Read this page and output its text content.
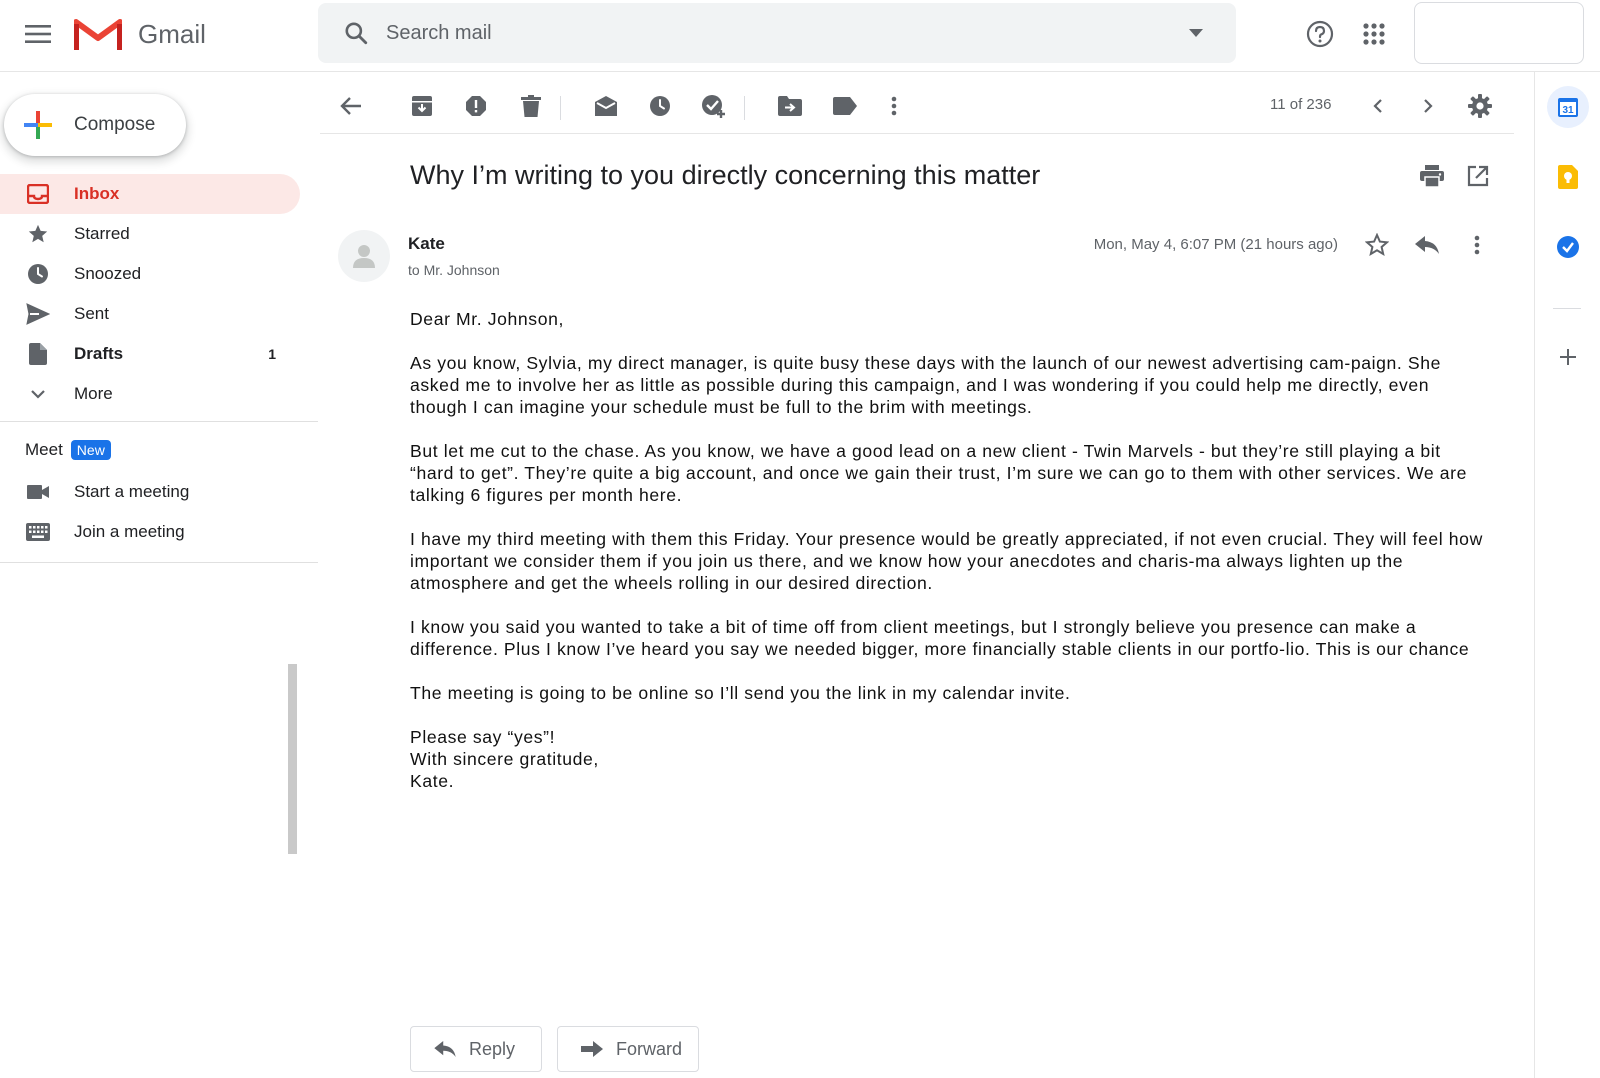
Gmail
Search mail
Compose
Inbox
Starred
Snoozed
Sent
Drafts	1
More
Meet	New
Start a meeting
Join a meeting
11 of 236
Why I’m writing to you directly concerning this matter
Kate
to Mr. Johnson
Mon, May 4, 6:07 PM (21 hours ago)

Dear Mr. Johnson,

As you know, Sylvia, my direct manager, is quite busy these days with the launch of our newest advertising cam-paign. She asked me to involve her as little as possible during this campaign, and I was wondering if you could help me directly, even though I can imagine your schedule must be full to the brim with meetings.

But let me cut to the chase. As you know, we have a good lead on a new client - Twin Marvels - but they’re still playing a bit “hard to get”. They’re quite a big account, and once we gain their trust, I’m sure we can go to them with other services. We are talking 6 figures per month here.

I have my third meeting with them this Friday. Your presence would be greatly appreciated, if not even crucial. They will feel how important we consider them if you join us there, and we know how your anecdotes and charis-ma always lighten up the atmosphere and get the wheels rolling in our desired direction.

I know you said you wanted to take a bit of time off from client meetings, but I strongly believe you presence can make a difference. Plus I know I’ve heard you say we needed bigger, more financially stable clients in our portfo-lio. This is our chance

The meeting is going to be online so I’ll send you the link in my calendar invite.

Please say “yes”!

With sincere gratitude,

Kate.

Reply	Forward
31
